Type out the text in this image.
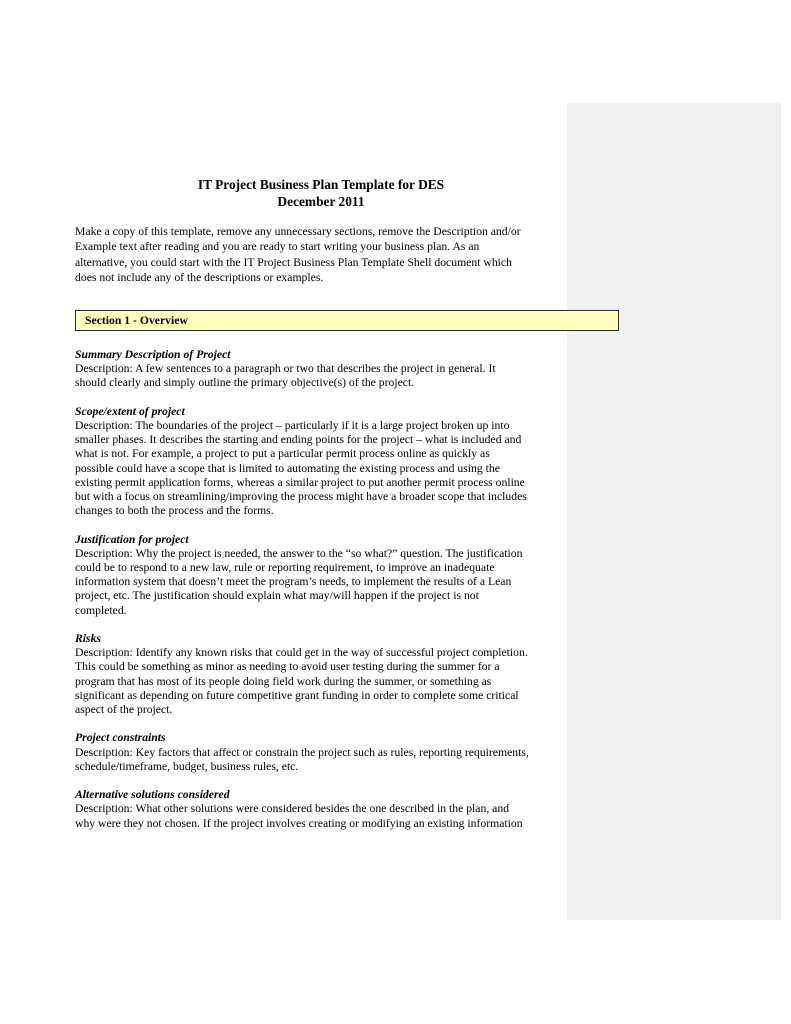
IT Project Business Plan Template for DES
December 2011
Make a copy of this template, remove any unnecessary sections, remove the Description and/or
Example text after reading and you are ready to start writing your business plan. As an
alternative, you could start with the IT Project Business Plan Template Shell document which
does not include any of the descriptions or examples.
Section 1 - Overview
Summary Description of Project
Description: A few sentences to a paragraph or two that describes the project in general. It
should clearly and simply outline the primary objective(s) of the project.
Scope/extent of project
Description: The boundaries of the project – particularly if it is a large project broken up into
smaller phases. It describes the starting and ending points for the project – what is included and
what is not. For example, a project to put a particular permit process online as quickly as
possible could have a scope that is limited to automating the existing process and using the
existing permit application forms, whereas a similar project to put another permit process online
but with a focus on streamlining/improving the process might have a broader scope that includes
changes to both the process and the forms.
Justification for project
Description: Why the project is needed, the answer to the “so what?” question. The justification
could be to respond to a new law, rule or reporting requirement, to improve an inadequate
information system that doesn’t meet the program’s needs, to implement the results of a Lean
project, etc. The justification should explain what may/will happen if the project is not
completed.
Risks
Description: Identify any known risks that could get in the way of successful project completion.
This could be something as minor as needing to avoid user testing during the summer for a
program that has most of its people doing field work during the summer, or something as
significant as depending on future competitive grant funding in order to complete some critical
aspect of the project.
Project constraints
Description: Key factors that affect or constrain the project such as rules, reporting requirements,
schedule/timeframe, budget, business rules, etc.
Alternative solutions considered
Description: What other solutions were considered besides the one described in the plan, and
why were they not chosen. If the project involves creating or modifying an existing information
